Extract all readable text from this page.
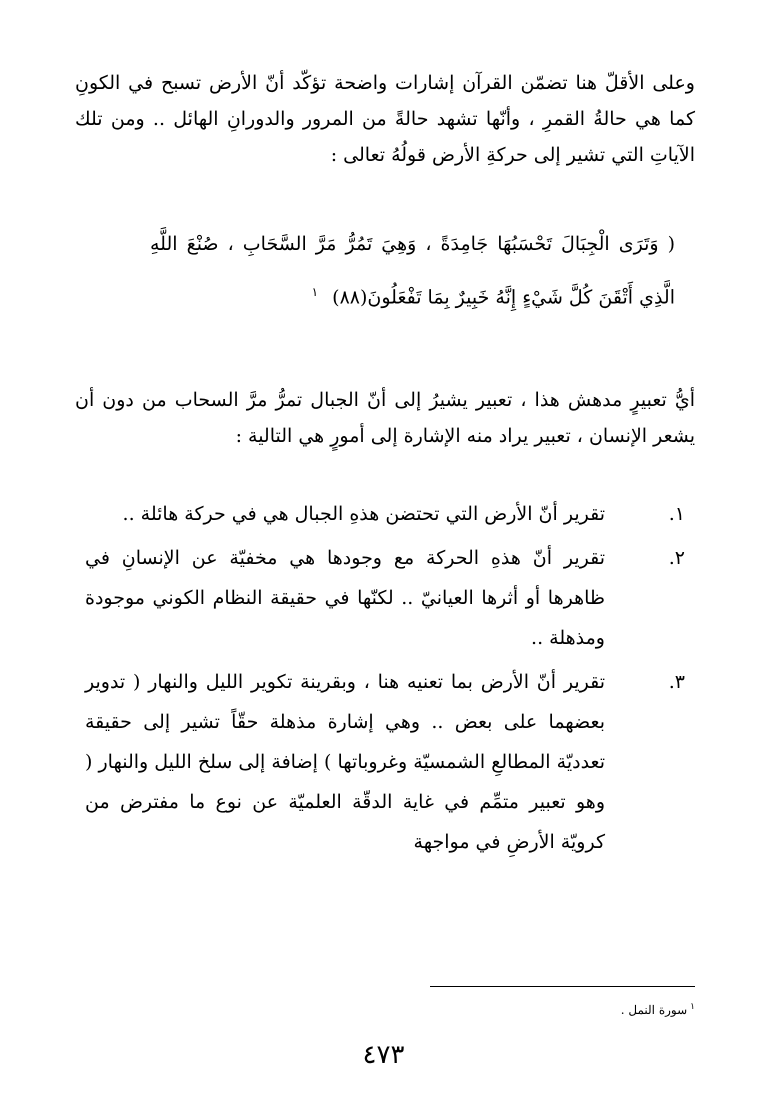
وعلى الأقلّ هنا تضمّن القرآن إشارات واضحة تؤكّد أنّ الأرض تسبح في الكونِ كما هي حالةُ القمرِ ، وأنّها تشهد حالةً من المرور والدورانِ الهائل .. ومن تلك الآياتِ التي تشير إلى حركةِ الأرض قولُهُ تعالى :
( وَتَرَى الْجِبَالَ تَحْسَبُهَا جَامِدَةً ، وَهِيَ تَمُرُّ مَرَّ السَّحَابِ ، صُنْعَ اللَّهِ الَّذِي أَتْقَنَ كُلَّ شَيْءٍ إِنَّهُ خَبِيرٌ بِمَا تَفْعَلُونَ(٨٨) $^١$
أيُّ تعبيرٍ مدهش هذا ، تعبير يشيرُ إلى أنّ الجبال تمرُّ مرَّ السحاب من دون أن يشعر الإنسان ، تعبير يراد منه الإشارة إلى أمورٍ هي التالية :
١.
تقرير أنّ الأرض التي تحتضن هذهِ الجبال هي في حركة هائلة ..
٢.
تقرير أنّ هذهِ الحركة مع وجودها هي مخفيّة عن الإنسانِ في ظاهرها أو أثرها العيانيّ .. لكنّها في حقيقة النظام الكوني موجودة ومذهلة ..
٣.
تقرير أنّ الأرض بما تعنيه هنا ، وبقرينة تكوير الليل والنهار ( تدوير بعضهما على بعض .. وهي إشارة مذهلة حقّاً تشير إلى حقيقة تعدديّة المطالعِ الشمسيّة وغروباتها ) إضافة إلى سلخ الليل والنهار ( وهو تعبير متمِّم في غاية الدقّة العلميّة عن نوع ما مفترض من كرويّة الأرضِ في مواجهة
$^١$سورة النمل .
٤٧٣
